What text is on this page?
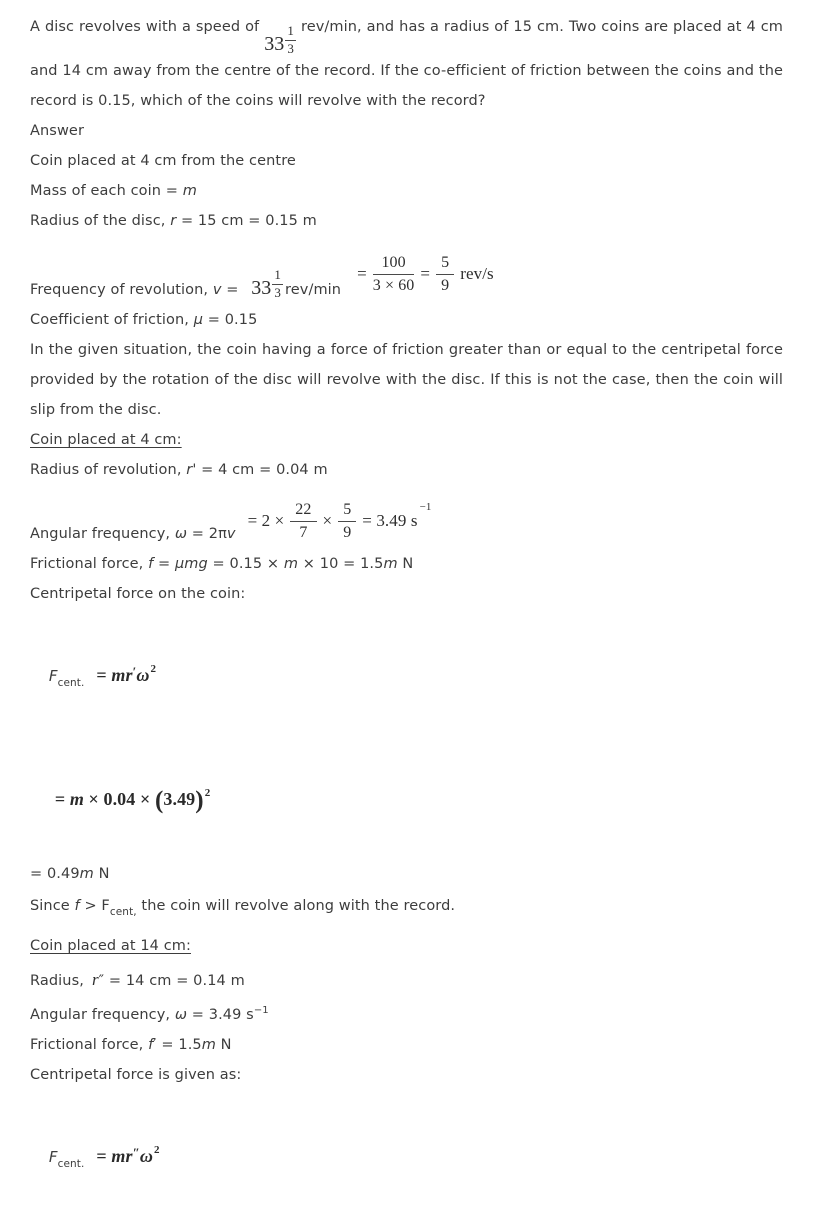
A disc revolves with a speed of
$33 \frac{1}{3} rev/\min$, and has a radius of 15 cm. Two coins are placed at 4 cm and 14 cm away from the centre of the record. If the co-efficient of friction between the coins and the record is 0.15, which of the coins will revolve with the record?

Answer

Coin placed at 4 cm from the centre

Mass of each coin = m

Radius of the disc, r = 15 cm = 0.15 m

Frequency of revolution, $v = 33 \frac{1}{3} rev/\min$
= $\frac{100}{3 \times 60} = \frac{5}{9} rev/s$

Coefficient of friction, μ = 0.15

In the given situation, the coin having a force of friction greater than or equal to the centripetal force provided by the rotation of the disc will revolve with the disc. If this is not the case, then the coin will slip from the disc.

Coin placed at 4 cm:

Radius of revolution, r' = 4 cm = 0.04 m

Angular frequency, ω = 2π v
= $2 \times \frac{22}{7} \times \frac{5}{9} = 3.49$ s
−1

Frictional force, f = μmg = 0.15 × m × 10 = 1.5m N

Centripetal force on the coin:

$F_{cent.} = mr'\omega^2$

= $m \times 0.04 \times (3.49)^2$

= 0.49m N

Since $f > F_{cent,}$ the coin will revolve along with the record.

Coin placed at 14 cm:

Radius, r″ = 14 cm = 0.14 m

Angular frequency, ω = 3.49 $s^{-1}$

Frictional force, f′ = 1.5m N

Centripetal force is given as:

$F_{cent.} = mr''\omega^2$
